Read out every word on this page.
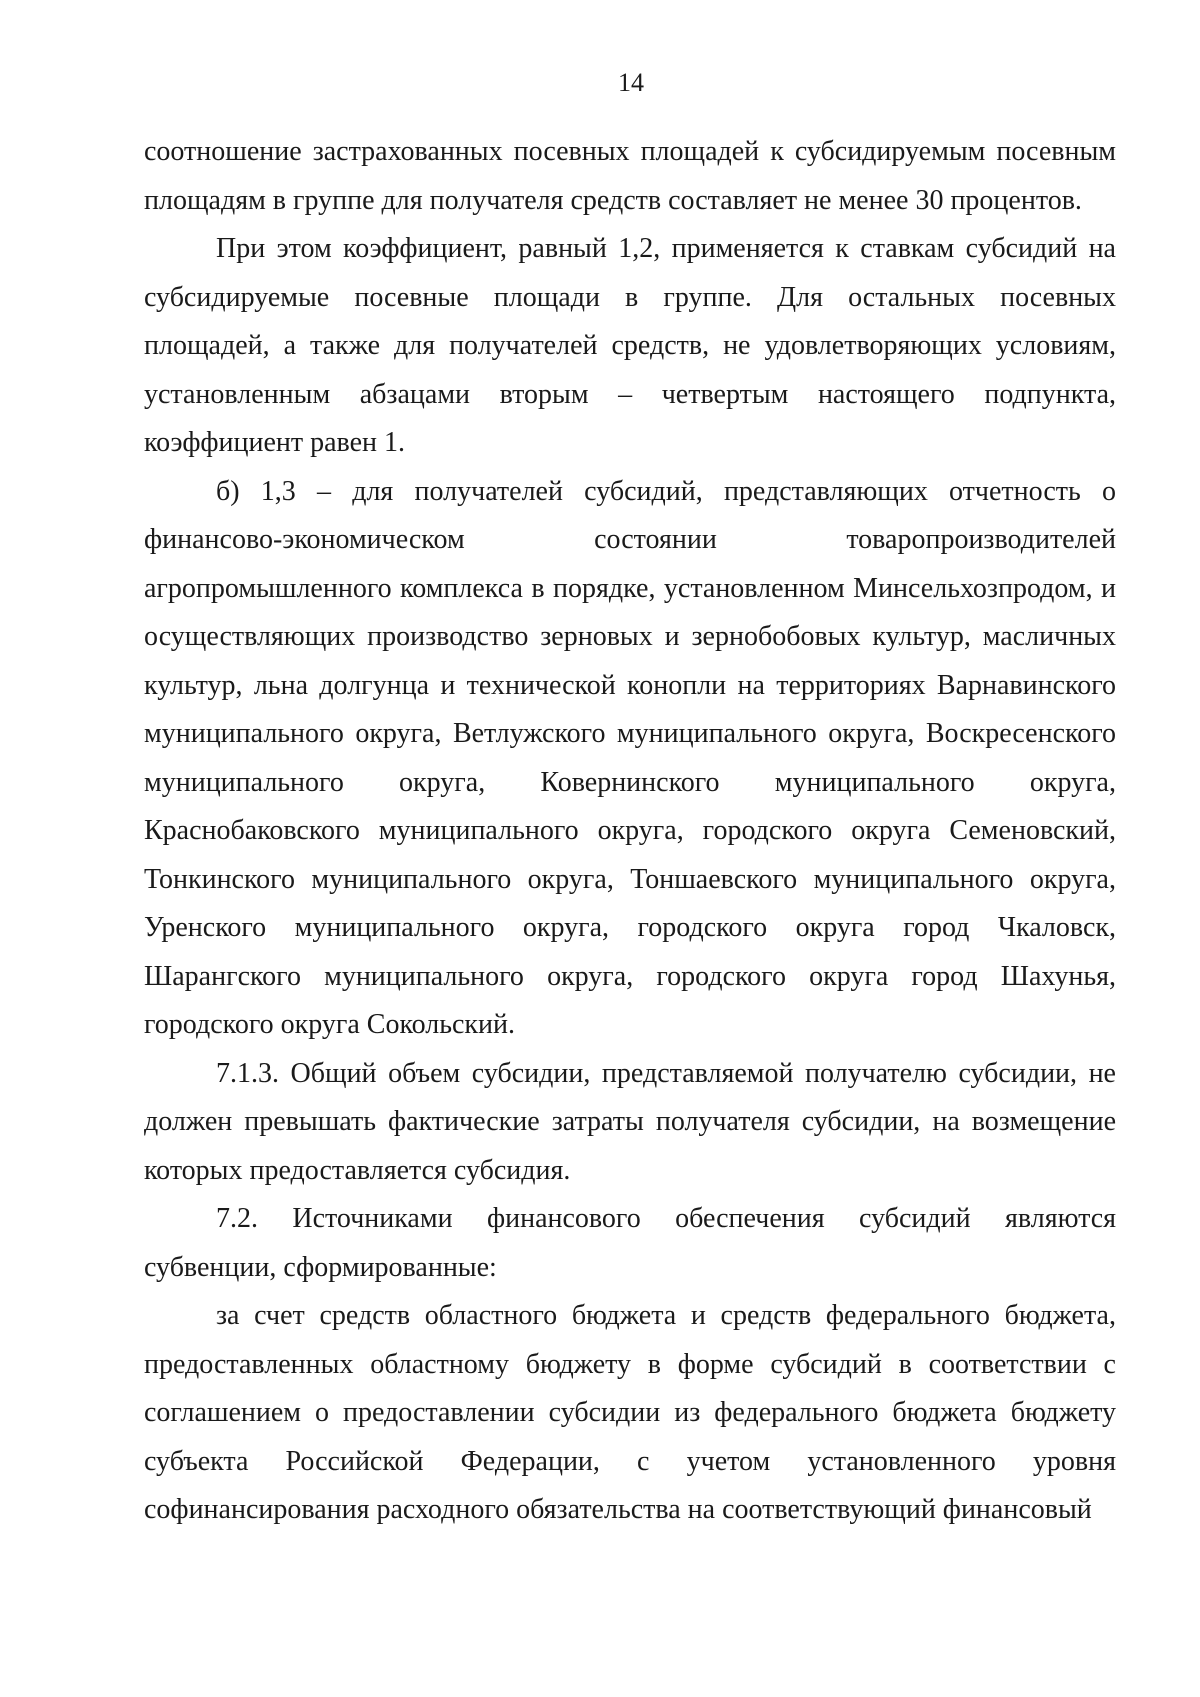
14

соотношение застрахованных посевных площадей к субсидируемым посевным площадям в группе для получателя средств составляет не менее 30 процентов.

При этом коэффициент, равный 1,2, применяется к ставкам субсидий на субсидируемые посевные площади в группе. Для остальных посевных площадей, а также для получателей средств, не удовлетворяющих условиям, установленным абзацами вторым – четвертым настоящего подпункта, коэффициент равен 1.

б) 1,3 – для получателей субсидий, представляющих отчетность о финансово-экономическом состоянии товаропроизводителей агропромышленного комплекса в порядке, установленном Минсельхозпродом, и осуществляющих производство зерновых и зернобобовых культур, масличных культур, льна долгунца и технической конопли на территориях Варнавинского муниципального округа, Ветлужского муниципального округа, Воскресенского муниципального округа, Ковернинского муниципального округа, Краснобаковского муниципального округа, городского округа Семеновский, Тонкинского муниципального округа, Тоншаевского муниципального округа, Уренского муниципального округа, городского округа город Чкаловск, Шарангского муниципального округа, городского округа город Шахунья, городского округа Сокольский.

7.1.3. Общий объем субсидии, представляемой получателю субсидии, не должен превышать фактические затраты получателя субсидии, на возмещение которых предоставляется субсидия.

7.2. Источниками финансового обеспечения субсидий являются субвенции, сформированные:

за счет средств областного бюджета и средств федерального бюджета, предоставленных областному бюджету в форме субсидий в соответствии с соглашением о предоставлении субсидии из федерального бюджета бюджету субъекта Российской Федерации, с учетом установленного уровня софинансирования расходного обязательства на соответствующий финансовый
